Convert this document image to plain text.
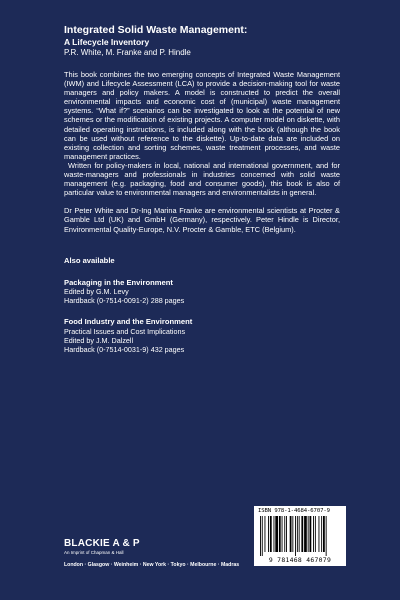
Integrated Solid Waste Management:

A Lifecycle Inventory

P.R. White, M. Franke and P. Hindle

This book combines the two emerging concepts of Integrated Waste Management (IWM) and Lifecycle Assessment (LCA) to provide a decision-making tool for waste managers and policy makers. A model is constructed to predict the overall environmental impacts and economic cost of (municipal) waste management systems. “What if?” scenarios can be investigated to look at the potential of new schemes or the modification of existing projects. A computer model on diskette, with detailed operating instructions, is included along with the book (although the book can be used without reference to the diskette). Up-to-date data are included on existing collection and sorting schemes, waste treatment processes, and waste management practices.

Written for policy-makers in local, national and international government, and for waste-managers and professionals in industries concerned with solid waste management (e.g. packaging, food and consumer goods), this book is also of particular value to environmental managers and environmentalists in general.

Dr Peter White and Dr-Ing Marina Franke are environmental scientists at Procter & Gamble Ltd (UK) and GmbH (Germany), respectively. Peter Hindle is Director, Environmental Quality-Europe, N.V. Procter & Gamble, ETC (Belgium).

Also available

Packaging in the Environment

Edited by G.M. Levy

Hardback (0-7514-0091-2) 288 pages

Food Industry and the Environment

Practical Issues and Cost Implications

Edited by J.M. Dalzell

Hardback (0-7514-0031-9) 432 pages

BLACKIE A & P

An Imprint of Chapman & Hall

London · Glasgow · Weinheim · New York · Tokyo · Melbourne · Madras

ISBN 978-1-4684-6707-9
9 781468 467079
